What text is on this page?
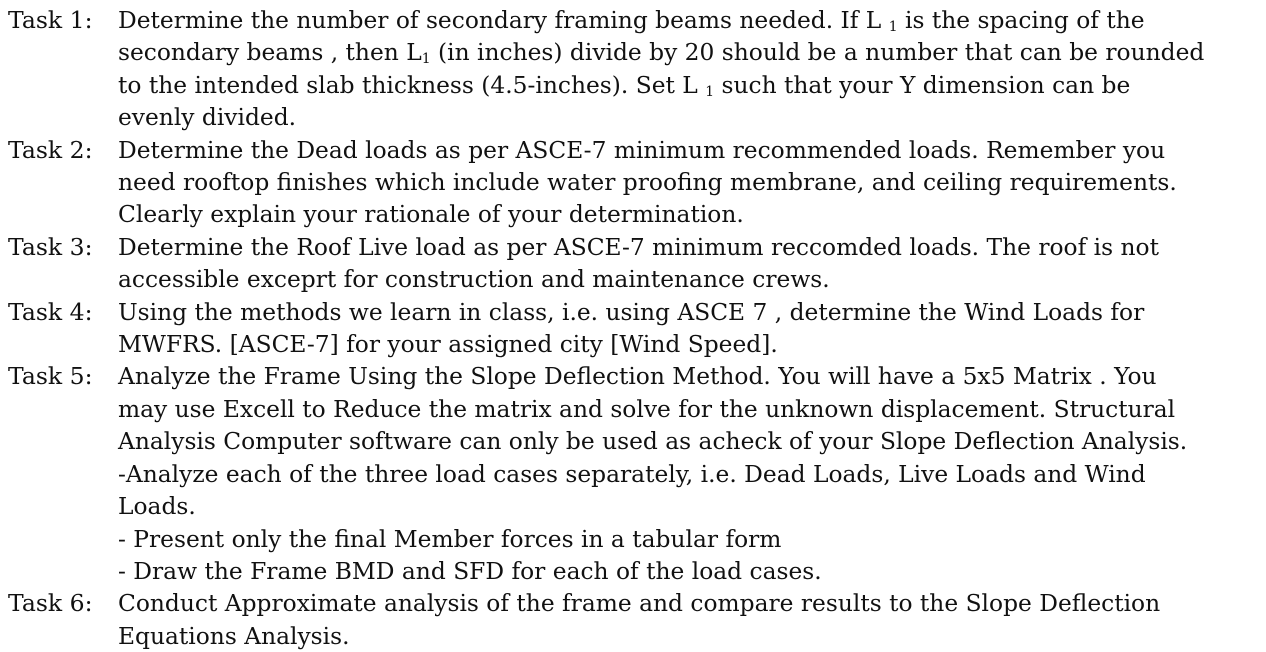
Task 1:	Determine the number of secondary framing beams needed. If L $_1$ is the spacing of the
secondary beams , then $L_1$ (in inches) divide by 20 should be a number that can be rounded
to the intended slab thickness (4.5-inches). Set L $_1$ such that your Y dimension can be
evenly divided.
Task 2:	Determine the Dead loads as per ASCE-7 minimum recommended loads. Remember you
need rooftop finishes which include water proofing membrane, and ceiling requirements.
Clearly explain your rationale of your determination.
Task 3:	Determine the Roof Live load as per ASCE-7 minimum reccomded loads. The roof is not
accessible exceprt for construction and maintenance crews.
Task 4:	Using the methods we learn in class, i.e. using ASCE 7 , determine the Wind Loads for
MWFRS. [ASCE-7] for your assigned city [Wind Speed].
Task 5:	Analyze the Frame Using the Slope Deflection Method. You will have a 5x5 Matrix . You
may use Excell to Reduce the matrix and solve for the unknown displacement. Structural
Analysis Computer software can only be used as acheck of your Slope Deflection Analysis.
-Analyze each of the three load cases separately, i.e. Dead Loads, Live Loads and Wind
Loads.
- Present only the final Member forces in a tabular form
- Draw the Frame BMD and SFD for each of the load cases.
Task 6:	Conduct Approximate analysis of the frame and compare results to the Slope Deflection
Equations Analysis.
